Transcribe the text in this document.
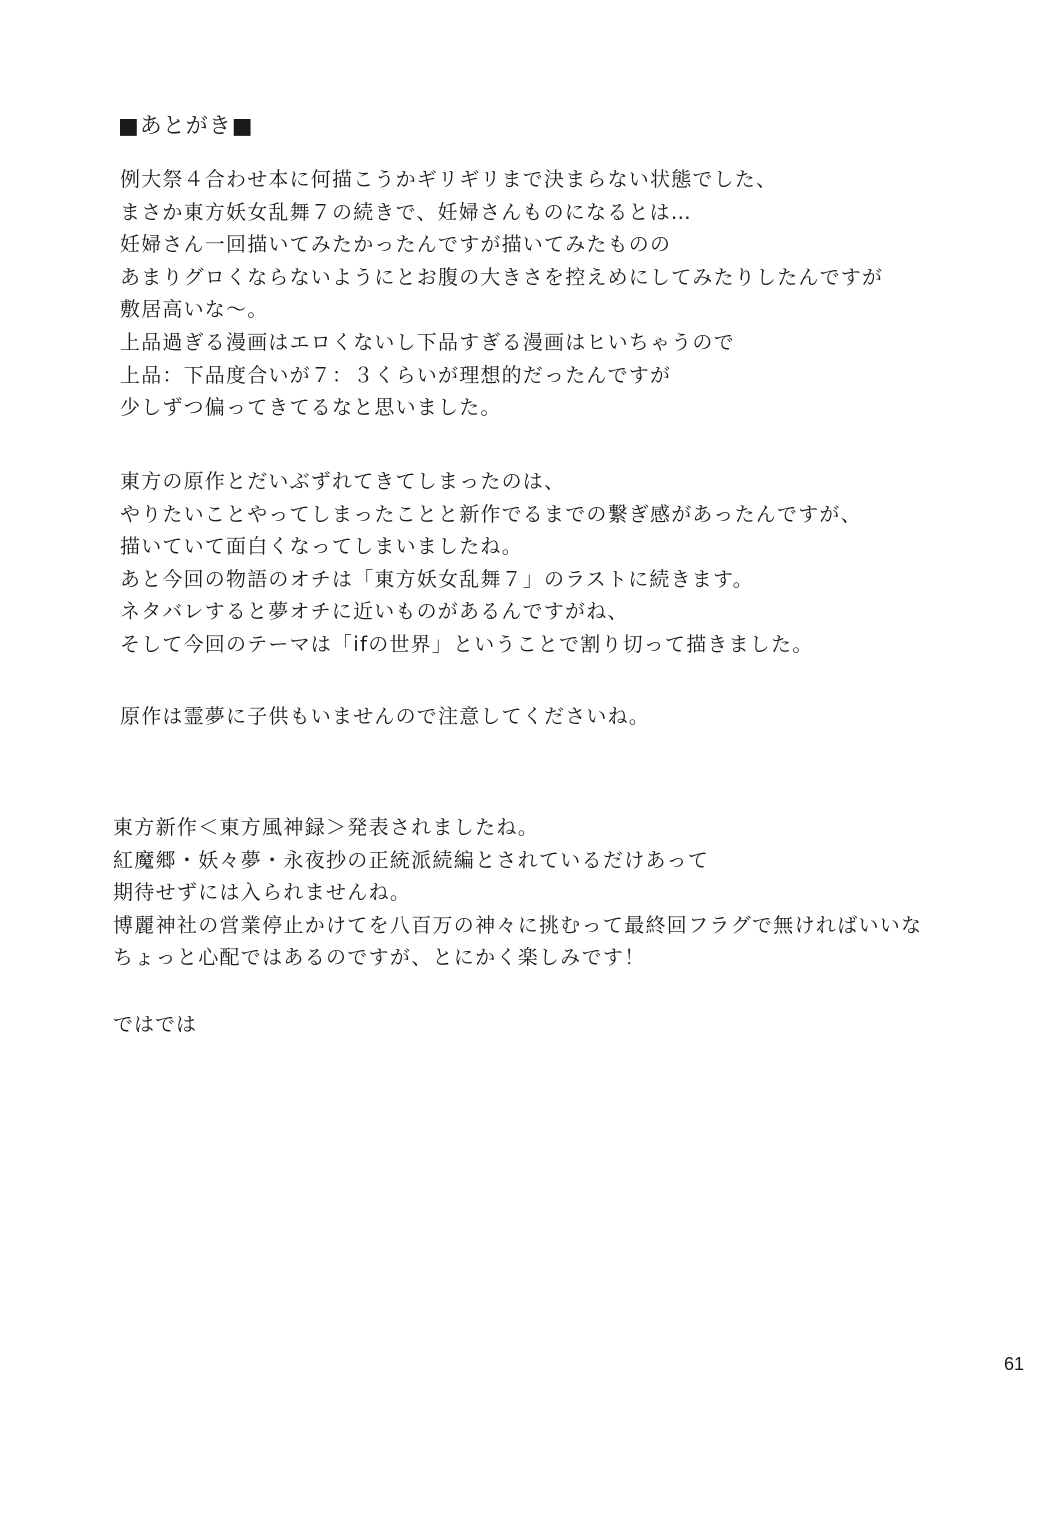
■あとがき■
例大祭４合わせ本に何描こうかギリギリまで決まらない状態でした、
まさか東方妖女乱舞７の続きで、妊婦さんものになるとは…
妊婦さん一回描いてみたかったんですが描いてみたものの
あまりグロくならないようにとお腹の大きさを控えめにしてみたりしたんですが
敷居高いな～。
上品過ぎる漫画はエロくないし下品すぎる漫画はヒいちゃうので
上品：下品度合いが７：３くらいが理想的だったんですが
少しずつ偏ってきてるなと思いました。
東方の原作とだいぶずれてきてしまったのは、
やりたいことやってしまったことと新作でるまでの繋ぎ感があったんですが、
描いていて面白くなってしまいましたね。
あと今回の物語のオチは「東方妖女乱舞７」のラストに続きます。
ネタバレすると夢オチに近いものがあるんですがね、
そして今回のテーマは「ifの世界」ということで割り切って描きました。
原作は霊夢に子供もいませんので注意してくださいね。
東方新作＜東方風神録＞発表されましたね。
紅魔郷・妖々夢・永夜抄の正統派続編とされているだけあって
期待せずには入られませんね。
博麗神社の営業停止かけてを八百万の神々に挑むって最終回フラグで無ければいいな
ちょっと心配ではあるのですが、とにかく楽しみです！
ではでは
61
